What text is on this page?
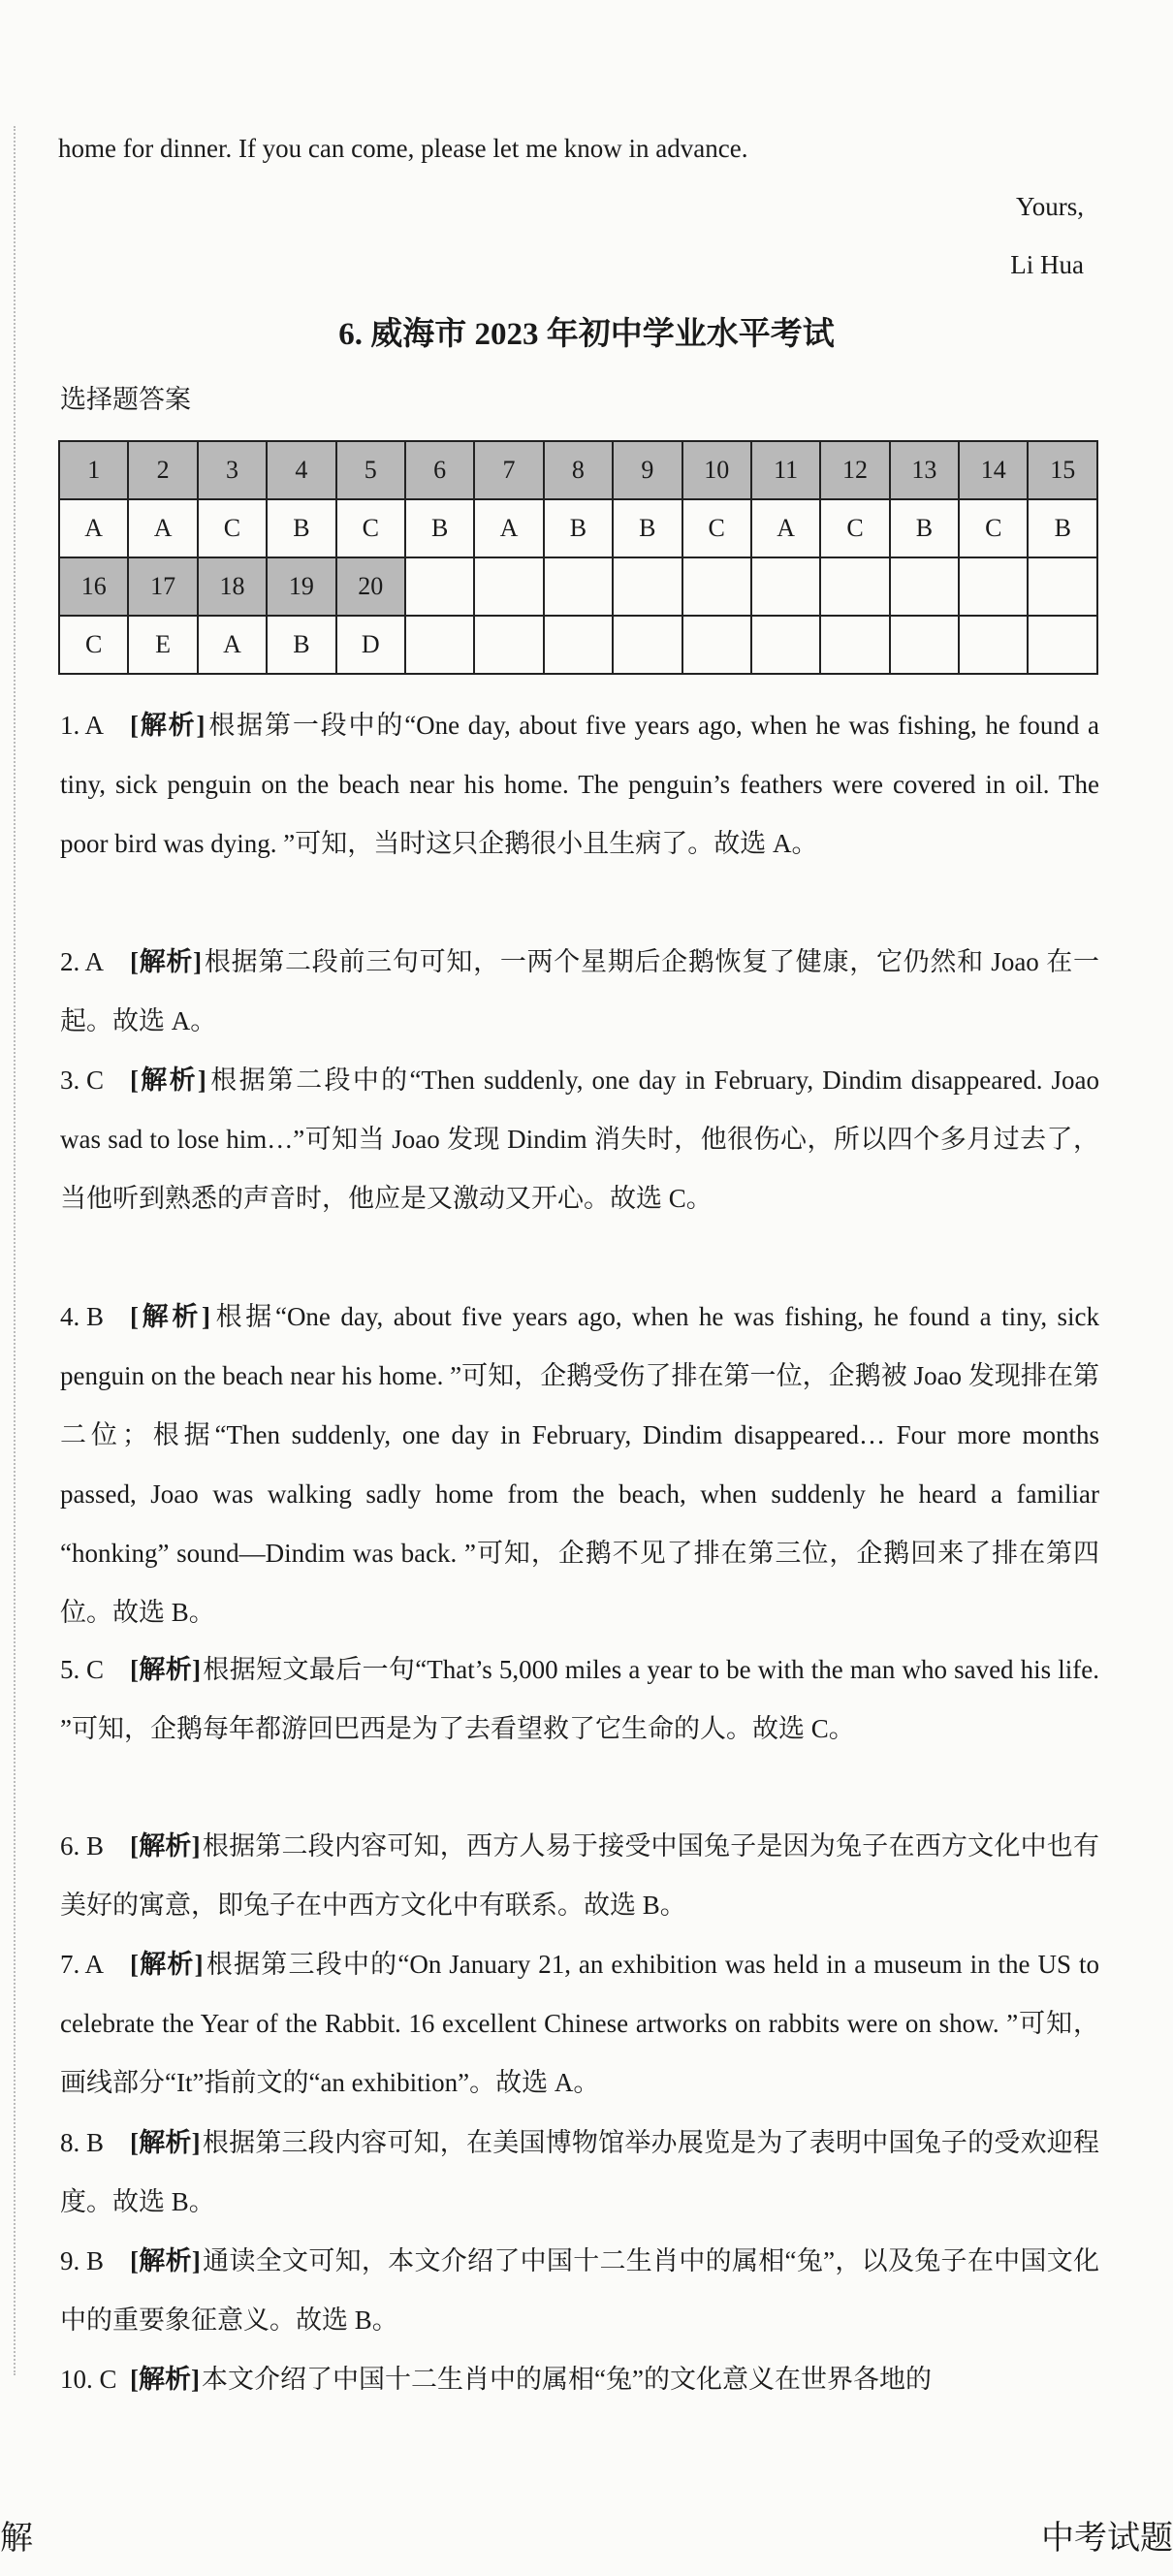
home for dinner. If you can come, please let me know in advance.
Yours,
Li Hua
6. 威海市 2023 年初中学业水平考试
选择题答案
1	2	3	4	5	6	7	8	9	10	11	12	13	14	15
A	A	C	B	C	B	A	B	B	C	A	C	B	C	B
16	17	18	19	20										
C	E	A	B	D										
1. A [解析]根据第一段中的“One day, about five years ago, when he was fishing, he found a tiny, sick penguin on the beach near his home. The penguin’s feathers were covered in oil. The poor bird was dying. ”可知，当时这只企鹅很小且生病了。故选 A。
2. A [解析]根据第二段前三句可知，一两个星期后企鹅恢复了健康，它仍然和 Joao 在一起。故选 A。
3. C [解析]根据第二段中的“Then suddenly, one day in February, Dindim disappeared. Joao was sad to lose him…”可知当 Joao 发现 Dindim 消失时，他很伤心，所以四个多月过去了，当他听到熟悉的声音时，他应是又激动又开心。故选 C。
4. B [解析]根据“One day, about five years ago, when he was fishing, he found a tiny, sick penguin on the beach near his home. ”可知，企鹅受伤了排在第一位，企鹅被 Joao 发现排在第二位；根据“Then suddenly, one day in February, Dindim disappeared… Four more months passed, Joao was walking sadly home from the beach, when suddenly he heard a familiar “honking” sound—Dindim was back. ”可知，企鹅不见了排在第三位，企鹅回来了排在第四位。故选 B。
5. C [解析]根据短文最后一句“That’s 5,000 miles a year to be with the man who saved his life. ”可知，企鹅每年都游回巴西是为了去看望救了它生命的人。故选 C。
6. B [解析]根据第二段内容可知，西方人易于接受中国兔子是因为兔子在西方文化中也有美好的寓意，即兔子在中西方文化中有联系。故选 B。
7. A [解析]根据第三段中的“On January 21, an exhibition was held in a museum in the US to celebrate the Year of the Rabbit. 16 excellent Chinese artworks on rabbits were on show. ”可知，画线部分“It”指前文的“an exhibition”。故选 A。
8. B [解析]根据第三段内容可知，在美国博物馆举办展览是为了表明中国兔子的受欢迎程度。故选 B。
9. B [解析]通读全文可知，本文介绍了中国十二生肖中的属相“兔”，以及兔子在中国文化中的重要象征意义。故选 B。
10. C [解析]本文介绍了中国十二生肖中的属相“兔”的文化意义在世界各地的
解	中考试题
